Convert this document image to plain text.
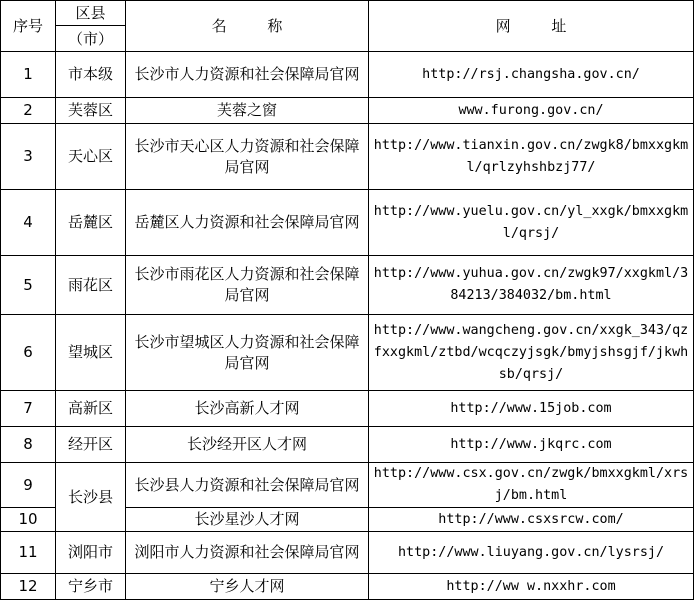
序号	区县	名 称	网 址
	（市）		
1	市本级	长沙市人力资源和社会保障局官网	http://rsj.changsha.gov.cn/
2	芙蓉区	芙蓉之窗	www.furong.gov.cn/
3	天心区	长沙市天心区人力资源和社会保障局官网	http://www.tianxin.gov.cn/zwgk8/bmxxgkml/qrlzyhshbzj77/
4	岳麓区	岳麓区人力资源和社会保障局官网	http://www.yuelu.gov.cn/yl_xxgk/bmxxgkml/qrsj/
5	雨花区	长沙市雨花区人力资源和社会保障局官网	http://www.yuhua.gov.cn/zwgk97/xxgkml/384213/384032/bm.html
6	望城区	长沙市望城区人力资源和社会保障局官网	http://www.wangcheng.gov.cn/xxgk_343/qzfxxgkml/ztbd/wcqczyjsgk/bmyjshsgjf/jkwhsb/qrsj/
7	高新区	长沙高新人才网	http://www.15job.com
8	经开区	长沙经开区人才网	http://www.jkqrc.com
9	长沙县	长沙县人力资源和社会保障局官网	http://www.csx.gov.cn/zwgk/bmxxgkml/xrsj/bm.html
10		长沙星沙人才网	http://www.csxsrcw.com/
11	浏阳市	浏阳市人力资源和社会保障局官网	http://www.liuyang.gov.cn/lysrsj/
12	宁乡市	宁乡人才网	http://ww w.nxxhr.com
